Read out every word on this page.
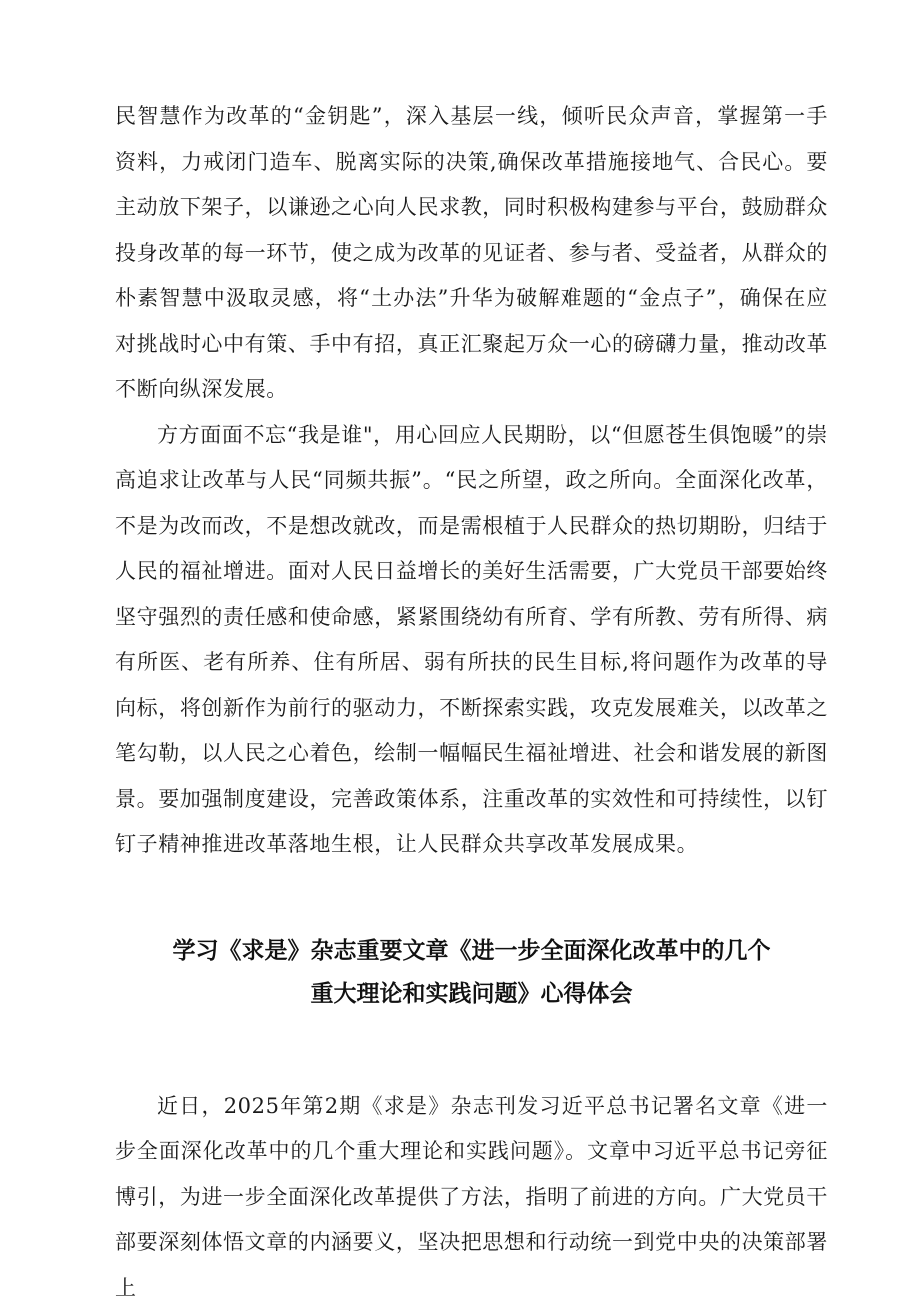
民智慧作为改革的“金钥匙”，深入基层一线，倾听民众声音，掌握第一手资料，力戒闭门造车、脱离实际的决策,确保改革措施接地气、合民心。要主动放下架子，以谦逊之心向人民求教，同时积极构建参与平台，鼓励群众投身改革的每一环节，使之成为改革的见证者、参与者、受益者，从群众的朴素智慧中汲取灵感，将“土办法”升华为破解难题的“金点子”，确保在应对挑战时心中有策、手中有招，真正汇聚起万众一心的磅礴力量，推动改革不断向纵深发展。

方方面面不忘“我是谁"，用心回应人民期盼，以“但愿苍生俱饱暖”的崇高追求让改革与人民“同频共振”。“民之所望，政之所向。全面深化改革，不是为改而改，不是想改就改，而是需根植于人民群众的热切期盼，归结于人民的福祉增进。面对人民日益增长的美好生活需要，广大党员干部要始终坚守强烈的责任感和使命感，紧紧围绕幼有所育、学有所教、劳有所得、病有所医、老有所养、住有所居、弱有所扶的民生目标,将问题作为改革的导向标，将创新作为前行的驱动力，不断探索实践，攻克发展难关，以改革之笔勾勒，以人民之心着色，绘制一幅幅民生福祉增进、社会和谐发展的新图景。要加强制度建设，完善政策体系，注重改革的实效性和可持续性，以钉钉子精神推进改革落地生根，让人民群众共享改革发展成果。

学习《求是》杂志重要文章《进一步全面深化改革中的几个
重大理论和实践问题》心得体会

近日，2025年第2期《求是》杂志刊发习近平总书记署名文章《进一步全面深化改革中的几个重大理论和实践问题》。文章中习近平总书记旁征博引，为进一步全面深化改革提供了方法，指明了前进的方向。广大党员干部要深刻体悟文章的内涵要义，坚决把思想和行动统一到党中央的决策部署上
